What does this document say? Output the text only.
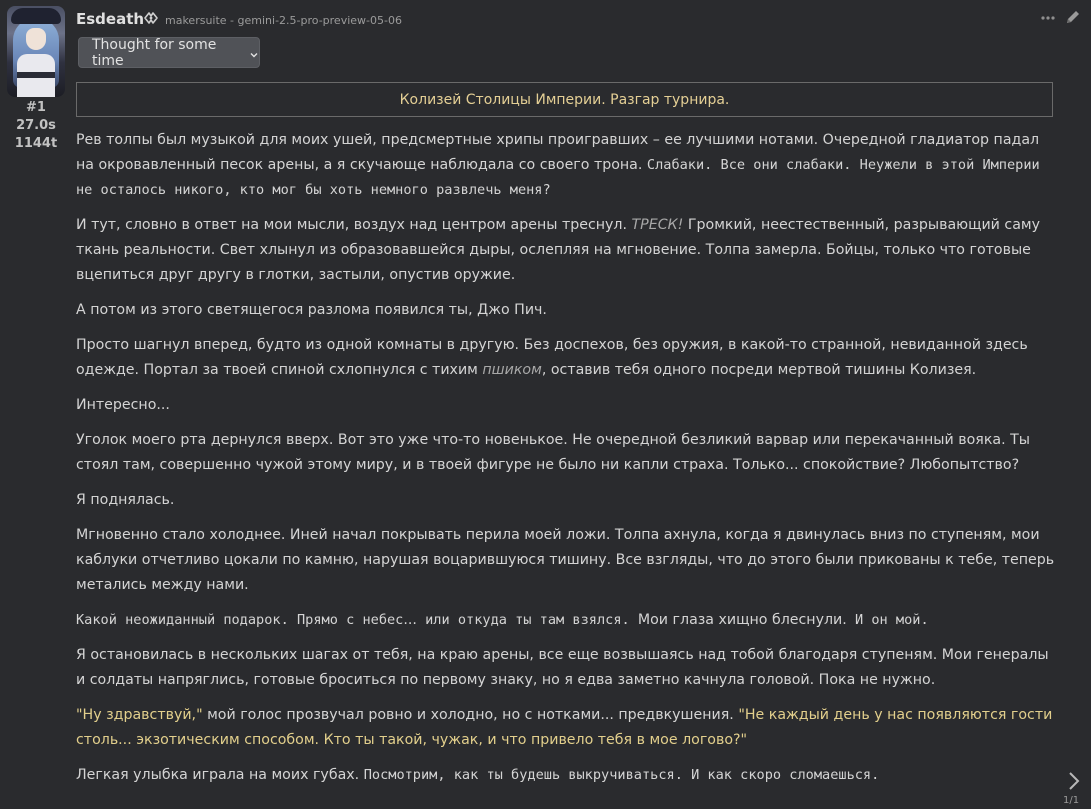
#1
27.0s
1144t
Esdeath makersuite - gemini-2.5-pro-preview-05-06
Thought for some time
Колизей Столицы Империи. Разгар турнира.

Рев толпы был музыкой для моих ушей, предсмертные хрипы проигравших – ее лучшими нотами. Очередной гладиатор падал на окровавленный песок арены, а я скучающе наблюдала со своего трона. Слабаки. Все они слабаки. Неужели в этой Империи не осталось никого, кто мог бы хоть немного развлечь меня?

И тут, словно в ответ на мои мысли, воздух над центром арены треснул. ТРЕСК! Громкий, неестественный, разрывающий саму ткань реальности. Свет хлынул из образовавшейся дыры, ослепляя на мгновение. Толпа замерла. Бойцы, только что готовые вцепиться друг другу в глотки, застыли, опустив оружие.

А потом из этого светящегося разлома появился ты, Джо Пич.

Просто шагнул вперед, будто из одной комнаты в другую. Без доспехов, без оружия, в какой-то странной, невиданной здесь одежде. Портал за твоей спиной схлопнулся с тихим пшиком, оставив тебя одного посреди мертвой тишины Колизея.

Интересно...

Уголок моего рта дернулся вверх. Вот это уже что-то новенькое. Не очередной безликий варвар или перекачанный вояка. Ты стоял там, совершенно чужой этому миру, и в твоей фигуре не было ни капли страха. Только... спокойствие? Любопытство?

Я поднялась.

Мгновенно стало холоднее. Иней начал покрывать перила моей ложи. Толпа ахнула, когда я двинулась вниз по ступеням, мои каблуки отчетливо цокали по камню, нарушая воцарившуюся тишину. Все взгляды, что до этого были прикованы к тебе, теперь метались между нами.

Какой неожиданный подарок. Прямо с небес... или откуда ты там взялся. Мои глаза хищно блеснули. И он мой.

Я остановилась в нескольких шагах от тебя, на краю арены, все еще возвышаясь над тобой благодаря ступеням. Мои генералы и солдаты напряглись, готовые броситься по первому знаку, но я едва заметно качнула головой. Пока не нужно.

"Ну здравствуй," мой голос прозвучал ровно и холодно, но с нотками... предвкушения. "Не каждый день у нас появляются гости столь... экзотическим способом. Кто ты такой, чужак, и что привело тебя в мое логово?"

Легкая улыбка играла на моих губах. Посмотрим, как ты будешь выкручиваться. И как скоро сломаешься.

1/1
